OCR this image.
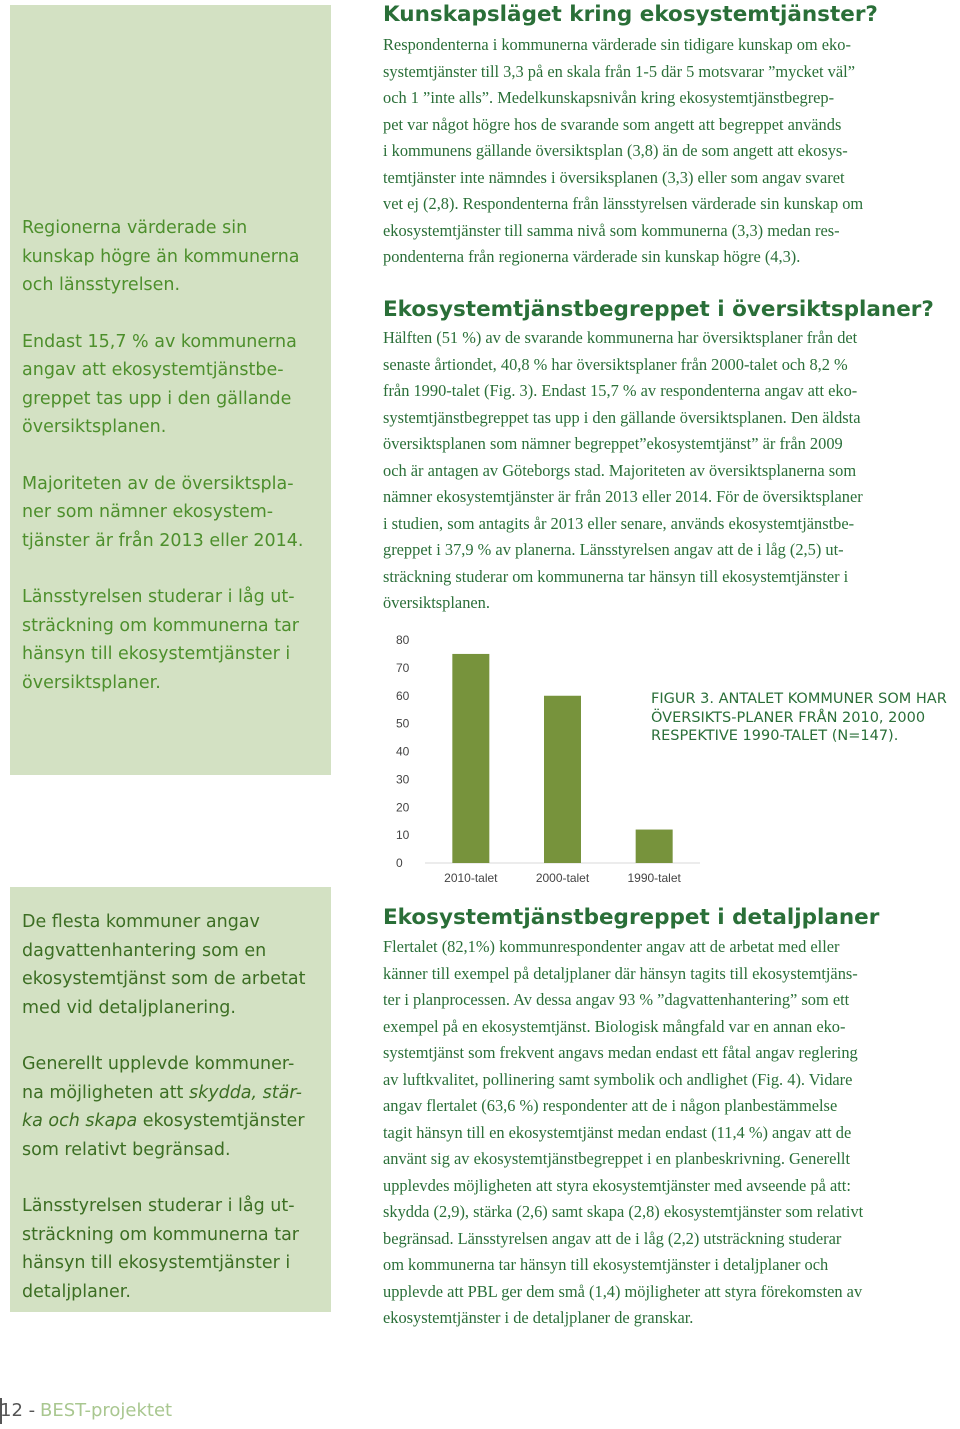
Regionerna värderade sin
kunskap högre än kommunerna
och länsstyrelsen.

Endast 15,7 % av kommunerna
angav att ekosystemtjänstbe-
greppet tas upp i den gällande
översiktsplanen.

Majoriteten av de översiktspla-
ner som nämner ekosystem-
tjänster är från 2013 eller 2014.

Länsstyrelsen studerar i låg ut-
sträckning om kommunerna tar
hänsyn till ekosystemtjänster i
översiktsplaner.

De flesta kommuner angav
dagvattenhantering som en
ekosystemtjänst som de arbetat
med vid detaljplanering.

Generellt upplevde kommuner-
na möjligheten att skydda, stär-
ka och skapa ekosystemtjänster
som relativt begränsad.

Länsstyrelsen studerar i låg ut-
sträckning om kommunerna tar
hänsyn till ekosystemtjänster i
detaljplaner.

Kunskapsläget kring ekosystemtjänster?

Respondenterna i kommunerna värderade sin tidigare kunskap om eko-
systemtjänster till 3,3 på en skala från 1-5 där 5 motsvarar ”mycket väl”
och 1 ”inte alls”. Medelkunskapsnivån kring ekosystemtjänstbegrep-
pet var något högre hos de svarande som angett att begreppet används
i kommunens gällande översiktsplan (3,8) än de som angett att ekosys-
temtjänster inte nämndes i översiksplanen (3,3) eller som angav svaret
vet ej (2,8). Respondenterna från länsstyrelsen värderade sin kunskap om
ekosystemtjänster till samma nivå som kommunerna (3,3) medan res-
pondenterna från regionerna värderade sin kunskap högre (4,3).

Ekosystemtjänstbegreppet i översiktsplaner?

Hälften (51 %) av de svarande kommunerna har översiktsplaner från det
senaste årtiondet, 40,8 % har översiktsplaner från 2000-talet och 8,2 %
från 1990-talet (Fig. 3). Endast 15,7 % av respondenterna angav att eko-
systemtjänstbegreppet tas upp i den gällande översiktsplanen. Den äldsta
översiktsplanen som nämner begreppet”ekosystemtjänst” är från 2009
och är antagen av Göteborgs stad. Majoriteten av översiktsplanerna som
nämner ekosystemtjänster är från 2013 eller 2014. För de översiktsplaner
i studien, som antagits år 2013 eller senare, används ekosystemtjänstbe-
greppet i 37,9 % av planerna. Länsstyrelsen angav att de i låg (2,5) ut-
sträckning studerar om kommunerna tar hänsyn till ekosystemtjänster i
översiktsplanen.

0
10
20
30
40
50
60
70
80
2010-talet	2000-talet	1990-talet

FIGUR 3. ANTALET KOMMUNER SOM HAR
ÖVERSIKTS-PLANER FRÅN 2010, 2000
RESPEKTIVE 1990-TALET (N=147).

Ekosystemtjänstbegreppet i detaljplaner

Flertalet (82,1%) kommunrespondenter angav att de arbetat med eller
känner till exempel på detaljplaner där hänsyn tagits till ekosystemtjäns-
ter i planprocessen. Av dessa angav 93 % ”dagvattenhantering” som ett
exempel på en ekosystemtjänst. Biologisk mångfald var en annan eko-
systemtjänst som frekvent angavs medan endast ett fåtal angav reglering
av luftkvalitet, pollinering samt symbolik och andlighet (Fig. 4). Vidare
angav flertalet (63,6 %) respondenter att de i någon planbestämmelse
tagit hänsyn till en ekosystemtjänst medan endast (11,4 %) angav att de
använt sig av ekosystemtjänstbegreppet i en planbeskrivning. Generellt
upplevdes möjligheten att styra ekosystemtjänster med avseende på att:
skydda (2,9), stärka (2,6) samt skapa (2,8) ekosystemtjänster som relativt
begränsad. Länsstyrelsen angav att de i låg (2,2) utsträckning studerar
om kommunerna tar hänsyn till ekosystemtjänster i detaljplaner och
upplevde att PBL ger dem små (1,4) möjligheter att styra förekomsten av
ekosystemtjänster i de detaljplaner de granskar.

12 - BEST-projektet
